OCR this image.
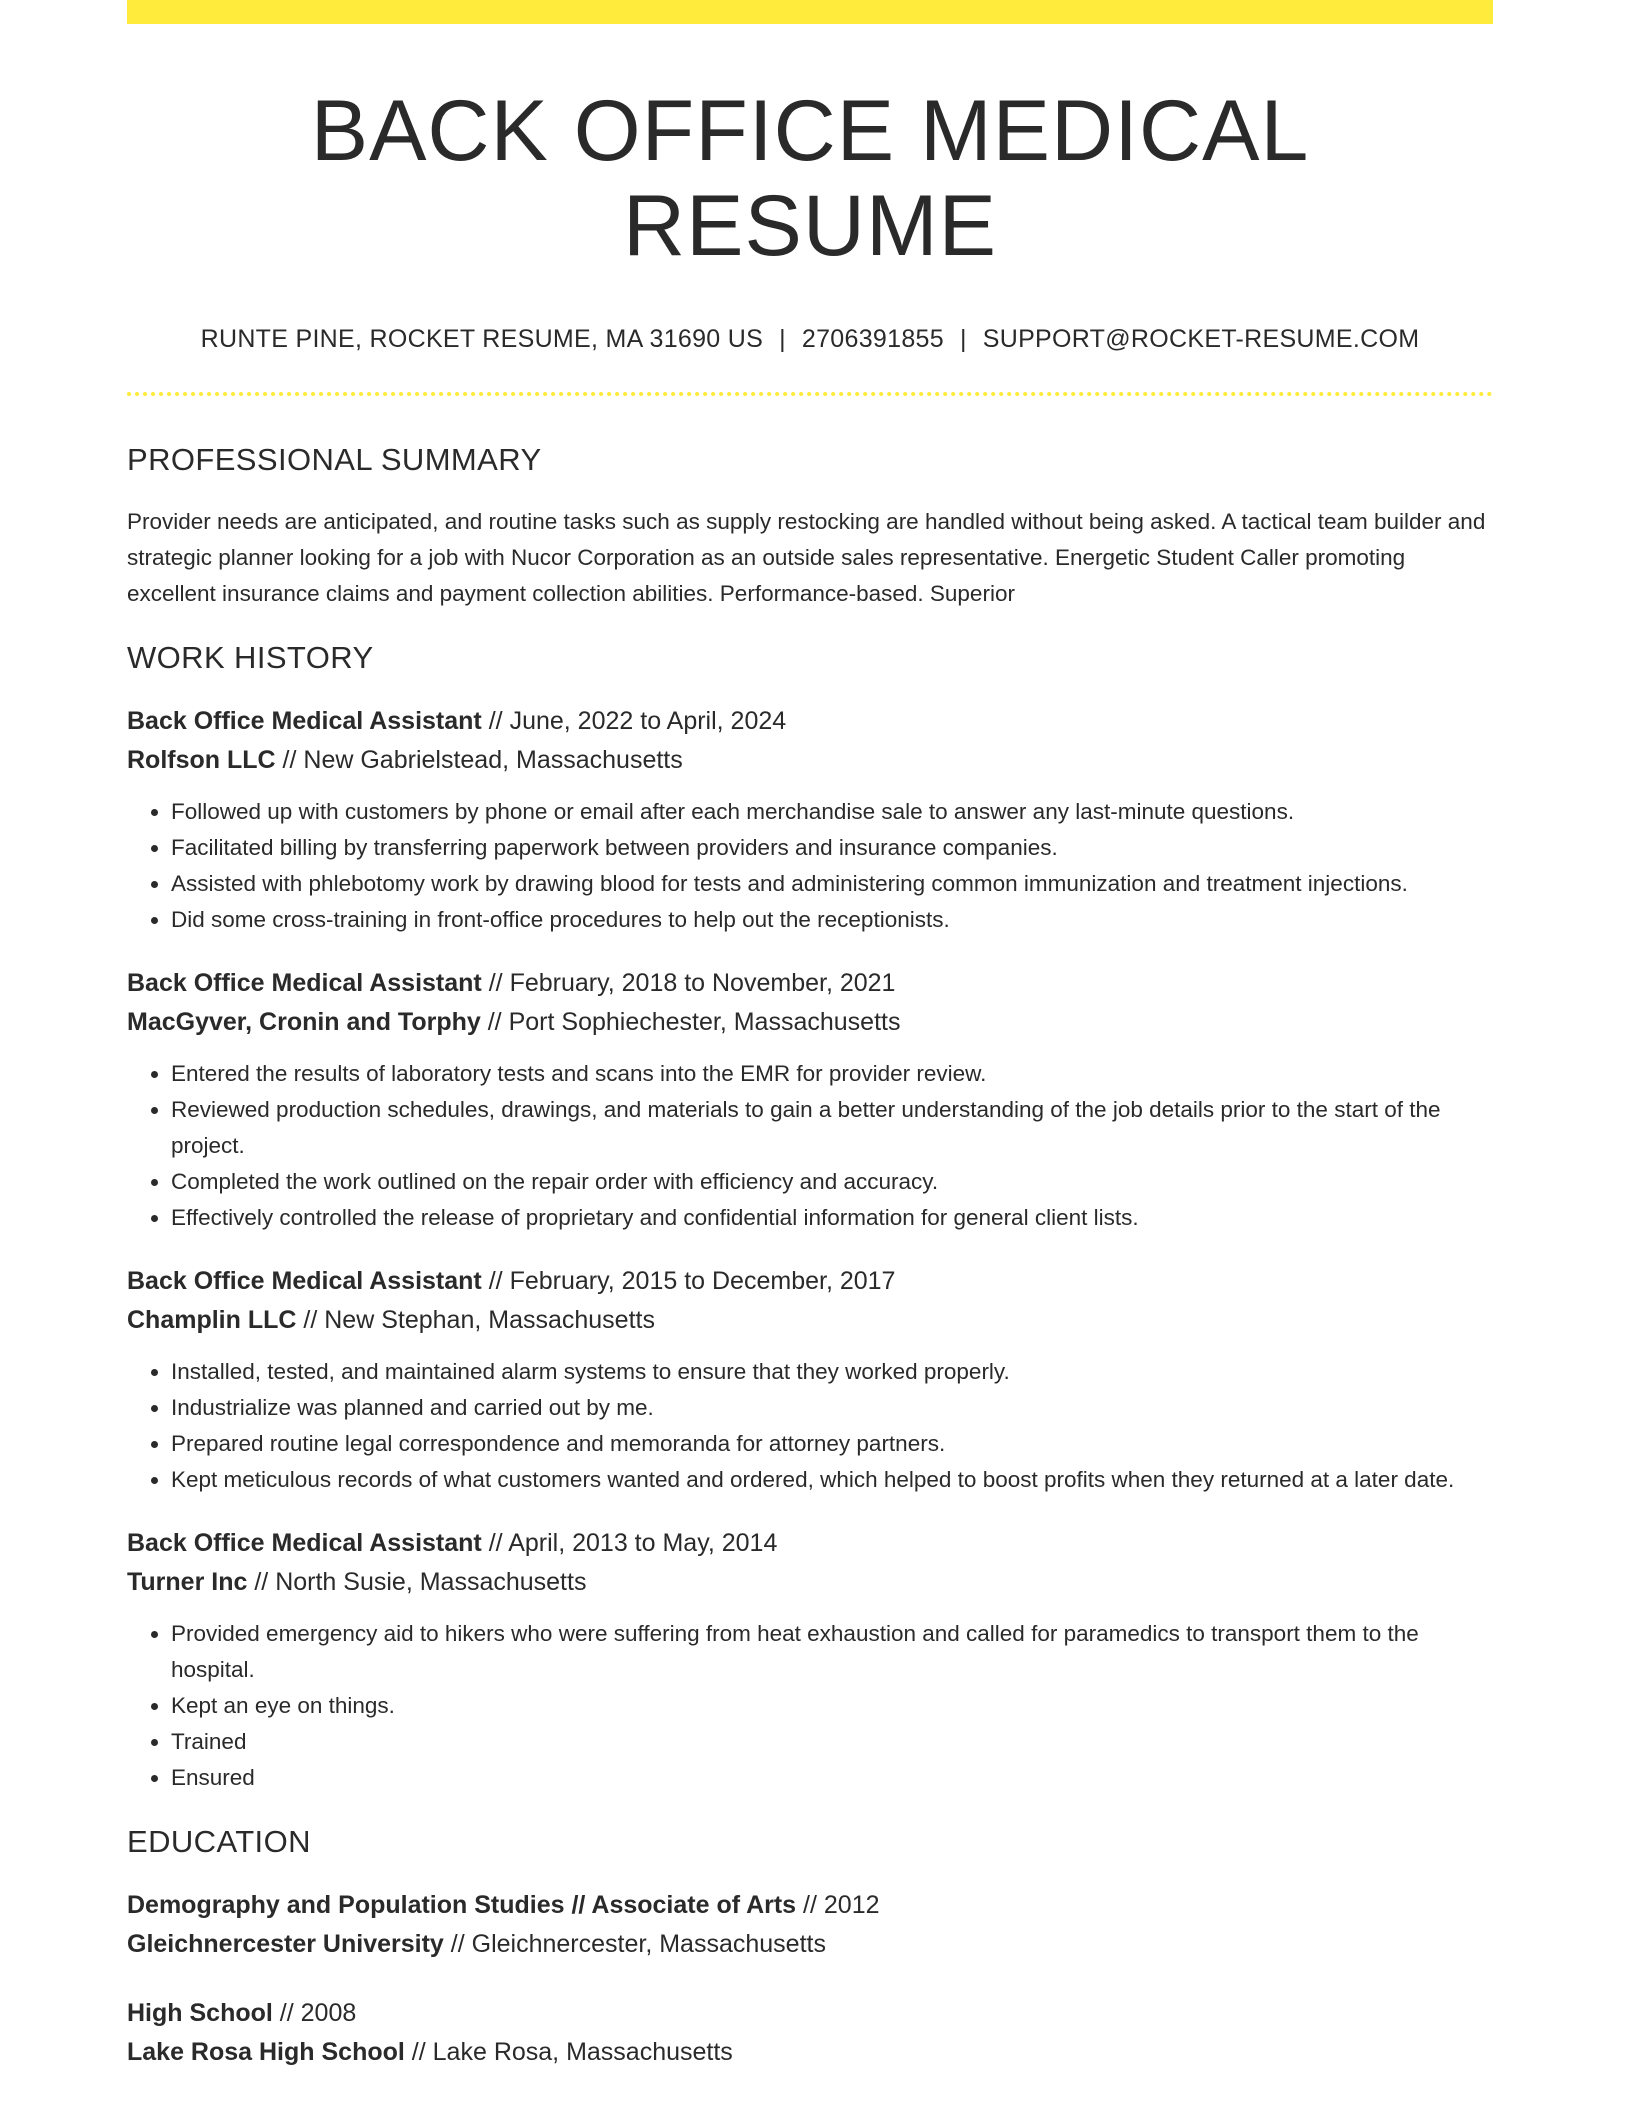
BACK OFFICE MEDICAL RESUME
RUNTE PINE, ROCKET RESUME, MA 31690 US | 2706391855 | SUPPORT@ROCKET-RESUME.COM
PROFESSIONAL SUMMARY
Provider needs are anticipated, and routine tasks such as supply restocking are handled without being asked. A tactical team builder and strategic planner looking for a job with Nucor Corporation as an outside sales representative. Energetic Student Caller promoting excellent insurance claims and payment collection abilities. Performance-based. Superior
WORK HISTORY
Back Office Medical Assistant // June, 2022 to April, 2024
Rolfson LLC // New Gabrielstead, Massachusetts
• Followed up with customers by phone or email after each merchandise sale to answer any last-minute questions.
• Facilitated billing by transferring paperwork between providers and insurance companies.
• Assisted with phlebotomy work by drawing blood for tests and administering common immunization and treatment injections.
• Did some cross-training in front-office procedures to help out the receptionists.
Back Office Medical Assistant // February, 2018 to November, 2021
MacGyver, Cronin and Torphy // Port Sophiechester, Massachusetts
• Entered the results of laboratory tests and scans into the EMR for provider review.
• Reviewed production schedules, drawings, and materials to gain a better understanding of the job details prior to the start of the project.
• Completed the work outlined on the repair order with efficiency and accuracy.
• Effectively controlled the release of proprietary and confidential information for general client lists.
Back Office Medical Assistant // February, 2015 to December, 2017
Champlin LLC // New Stephan, Massachusetts
• Installed, tested, and maintained alarm systems to ensure that they worked properly.
• Industrialize was planned and carried out by me.
• Prepared routine legal correspondence and memoranda for attorney partners.
• Kept meticulous records of what customers wanted and ordered, which helped to boost profits when they returned at a later date.
Back Office Medical Assistant // April, 2013 to May, 2014
Turner Inc // North Susie, Massachusetts
• Provided emergency aid to hikers who were suffering from heat exhaustion and called for paramedics to transport them to the hospital.
• Kept an eye on things.
• Trained
• Ensured
EDUCATION
Demography and Population Studies // Associate of Arts // 2012
Gleichnercester University // Gleichnercester, Massachusetts
High School // 2008
Lake Rosa High School // Lake Rosa, Massachusetts
